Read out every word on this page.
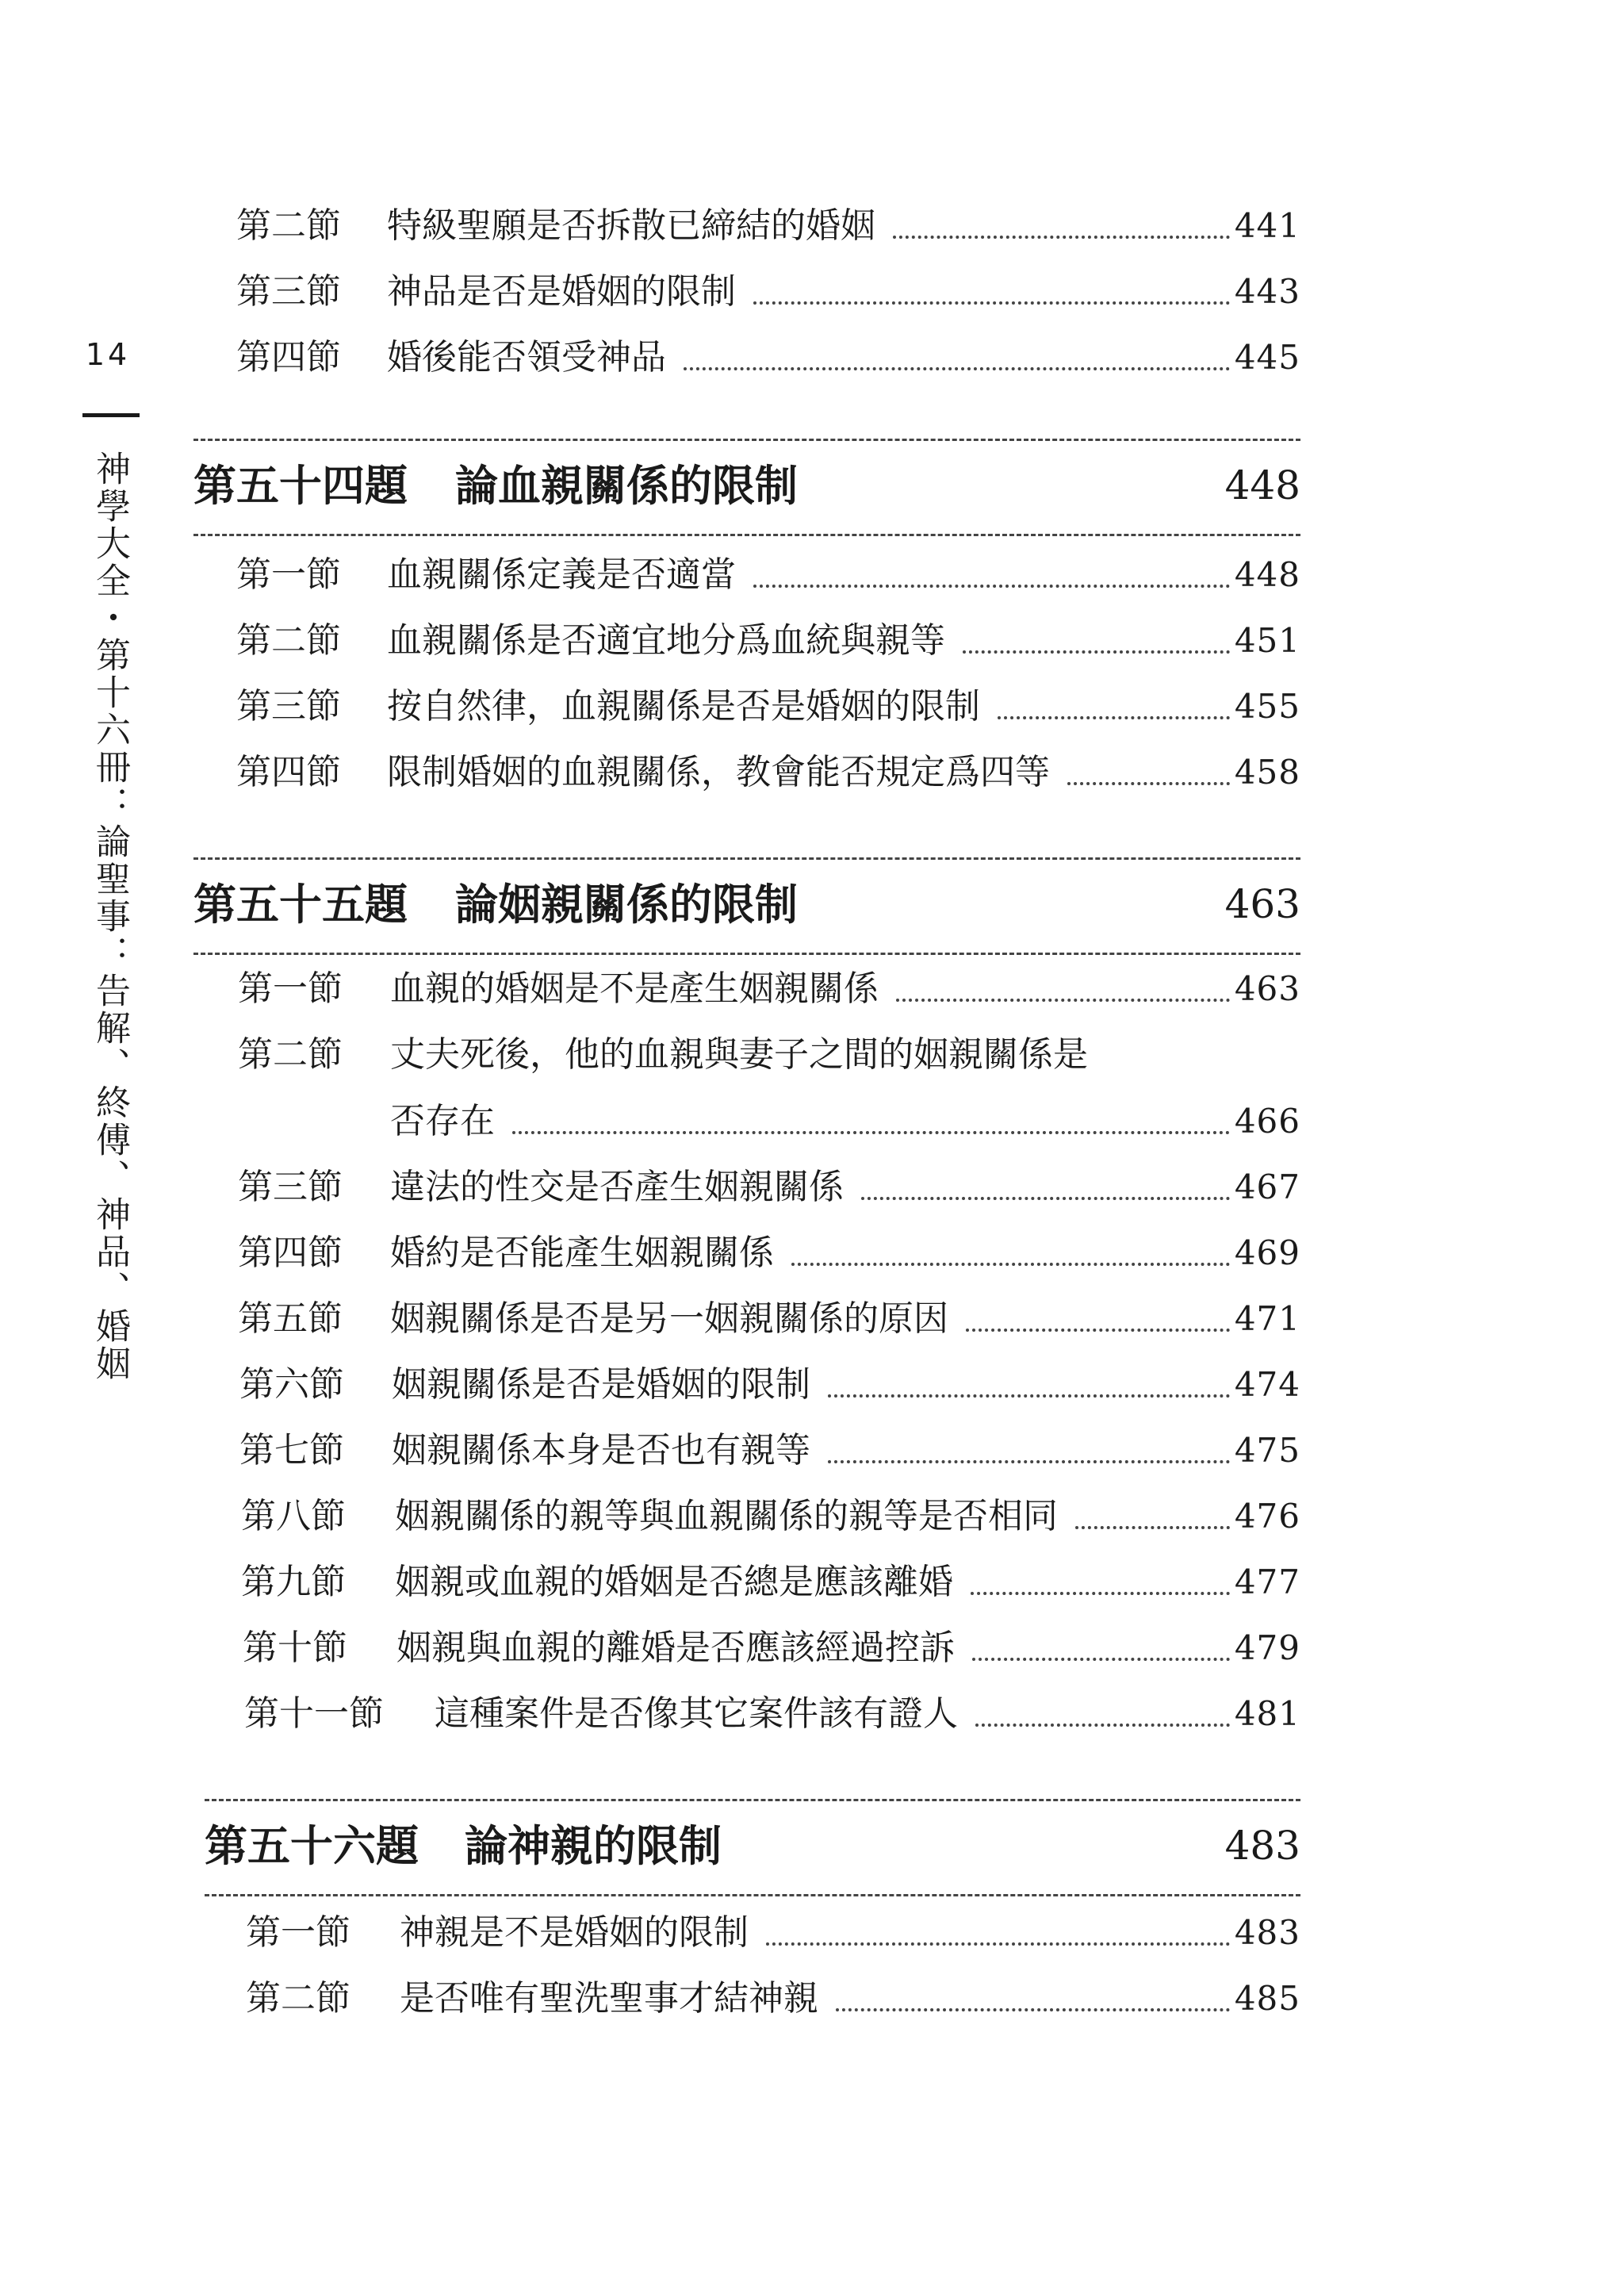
14
神學大全・第十六冊：論聖事：告解、終傅、神品、婚姻
第二節 特級聖願是否拆散已締結的婚姻	441
第三節 神品是否是婚姻的限制	443
第四節 婚後能否領受神品	445
第五十四題 論血親關係的限制	448
第一節 血親關係定義是否適當	448
第二節 血親關係是否適宜地分爲血統與親等	451
第三節 按自然律，血親關係是否是婚姻的限制	455
第四節 限制婚姻的血親關係，教會能否規定爲四等	458
第五十五題 論姻親關係的限制	463
第一節 血親的婚姻是不是產生姻親關係	463
第二節 丈夫死後，他的血親與妻子之間的姻親關係是
否存在	466
第三節 違法的性交是否產生姻親關係	467
第四節 婚約是否能產生姻親關係	469
第五節 姻親關係是否是另一姻親關係的原因	471
第六節 姻親關係是否是婚姻的限制	474
第七節 姻親關係本身是否也有親等	475
第八節 姻親關係的親等與血親關係的親等是否相同	476
第九節 姻親或血親的婚姻是否總是應該離婚	477
第十節 姻親與血親的離婚是否應該經過控訴	479
第十一節 這種案件是否像其它案件該有證人	481
第五十六題 論神親的限制	483
第一節 神親是不是婚姻的限制	483
第二節 是否唯有聖洗聖事才結神親	485
